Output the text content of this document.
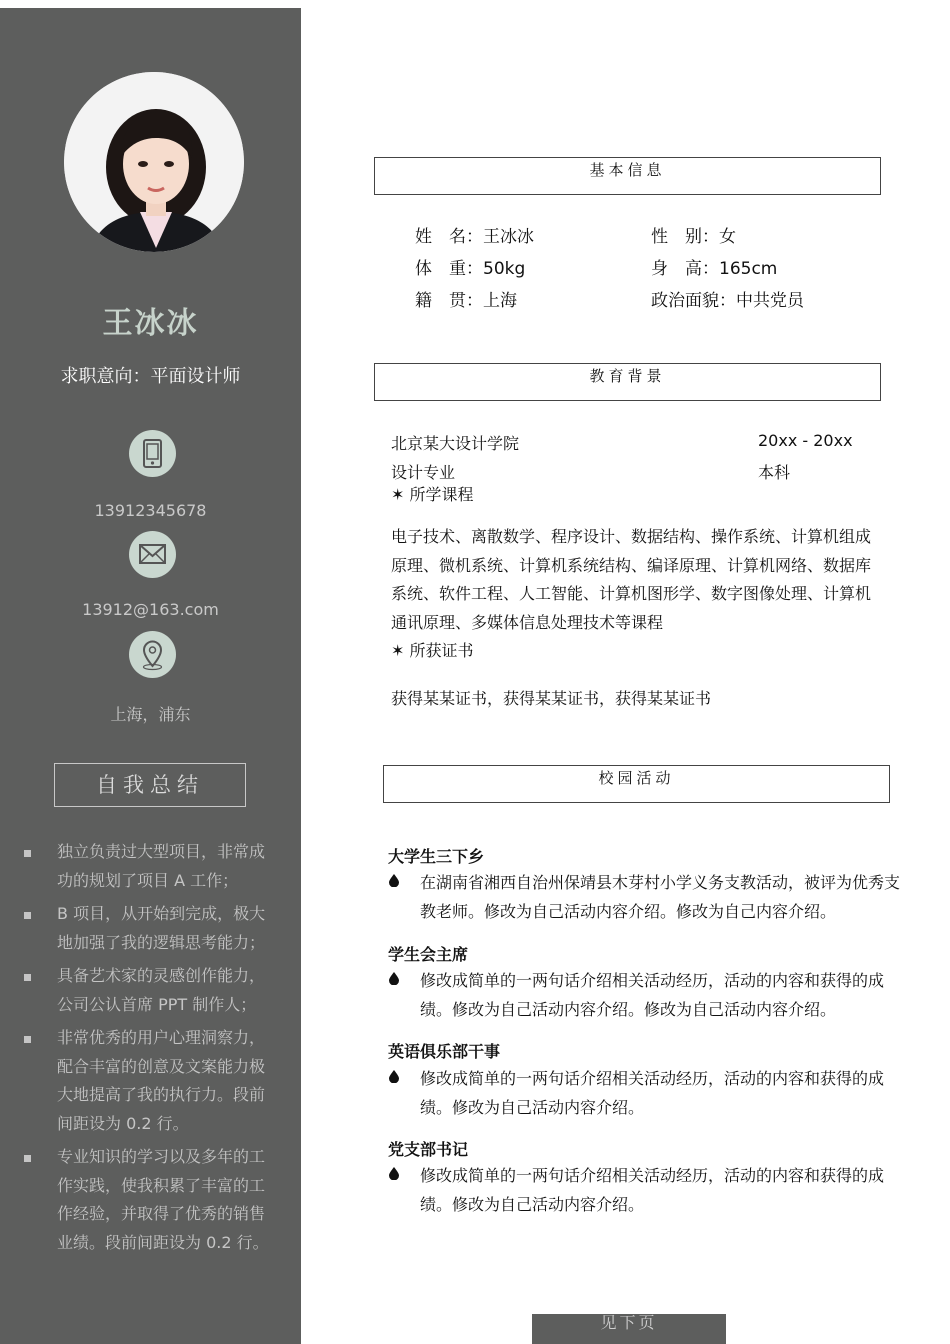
王冰冰
求职意向：平面设计师
13912345678
13912@163.com
上海，浦东
自我总结
独立负责过大型项目，非常成功的规划了项目 A 工作；
B 项目，从开始到完成，极大地加强了我的逻辑思考能力；
具备艺术家的灵感创作能力，公司公认首席 PPT 制作人；
非常优秀的用户心理洞察力，配合丰富的创意及文案能力极大地提高了我的执行力。段前间距设为 0.2 行。
专业知识的学习以及多年的工作实践，使我积累了丰富的工作经验，并取得了优秀的销售业绩。段前间距设为 0.2 行。
基本信息
姓　名：王冰冰	性　别：女
体　重：50kg	身　高：165cm
籍　贯：上海	政治面貌：中共党员
教育背景
北京某大设计学院	20xx - 20xx
设计专业	本科
✶ 所学课程
电子技术、离散数学、程序设计、数据结构、操作系统、计算机组成原理、微机系统、计算机系统结构、编译原理、计算机网络、数据库系统、软件工程、人工智能、计算机图形学、数字图像处理、计算机通讯原理、多媒体信息处理技术等课程
✶ 所获证书
获得某某证书，获得某某证书，获得某某证书
校园活动
大学生三下乡
在湖南省湘西自治州保靖县木芽村小学义务支教活动，被评为优秀支教老师。修改为自己活动内容介绍。修改为自己内容介绍。
学生会主席
修改成简单的一两句话介绍相关活动经历，活动的内容和获得的成绩。修改为自己活动内容介绍。修改为自己活动内容介绍。
英语俱乐部干事
修改成简单的一两句话介绍相关活动经历，活动的内容和获得的成绩。修改为自己活动内容介绍。
党支部书记
修改成简单的一两句话介绍相关活动经历，活动的内容和获得的成绩。修改为自己活动内容介绍。
见下页
